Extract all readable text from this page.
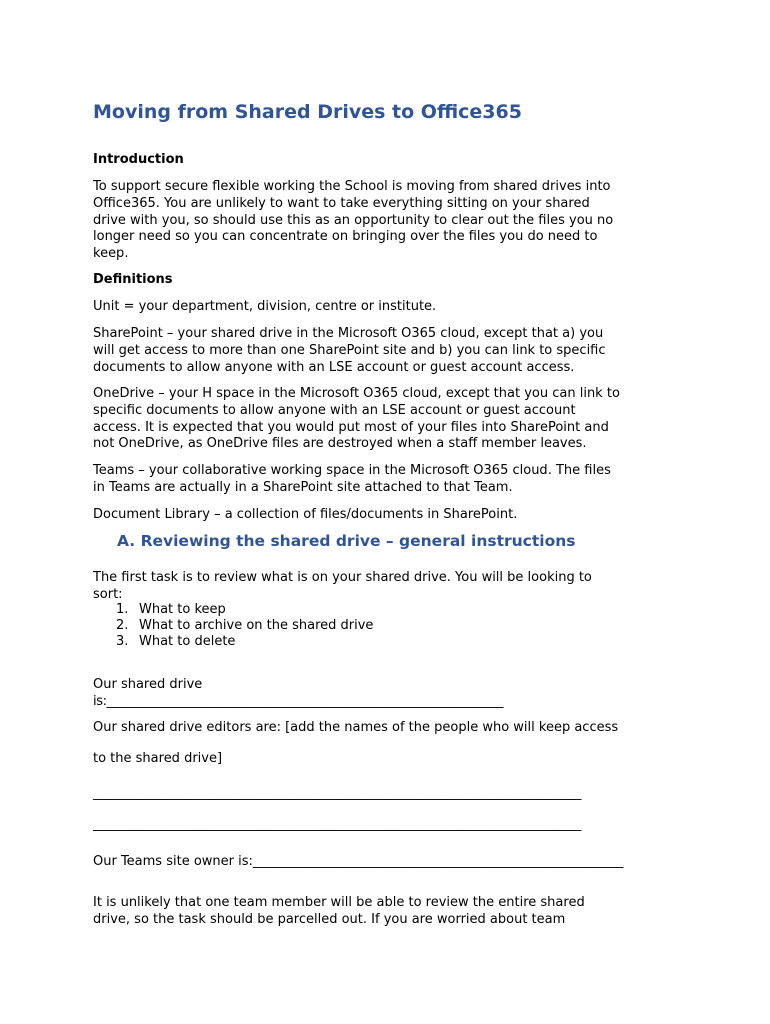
Moving from Shared Drives to Office365
Introduction
To support secure flexible working the School is moving from shared drives into
Office365. You are unlikely to want to take everything sitting on your shared
drive with you, so should use this as an opportunity to clear out the files you no
longer need so you can concentrate on bringing over the files you do need to
keep.
Definitions
Unit = your department, division, centre or institute.
SharePoint – your shared drive in the Microsoft O365 cloud, except that a) you
will get access to more than one SharePoint site and b) you can link to specific
documents to allow anyone with an LSE account or guest account access.
OneDrive – your H space in the Microsoft O365 cloud, except that you can link to
specific documents to allow anyone with an LSE account or guest account
access. It is expected that you would put most of your files into SharePoint and
not OneDrive, as OneDrive files are destroyed when a staff member leaves.
Teams – your collaborative working space in the Microsoft O365 cloud. The files
in Teams are actually in a SharePoint site attached to that Team.
Document Library – a collection of files/documents in SharePoint.
A. Reviewing the shared drive – general instructions
The first task is to review what is on your shared drive. You will be looking to
sort:
1. What to keep
2. What to archive on the shared drive
3. What to delete
Our shared drive
is:_________________________________________________________________
Our shared drive editors are: [add the names of the people who will keep access
to the shared drive]
________________________________________________________________________________
________________________________________________________________________________
Our Teams site owner is:_________________________________________________________
It is unlikely that one team member will be able to review the entire shared
drive, so the task should be parcelled out. If you are worried about team
